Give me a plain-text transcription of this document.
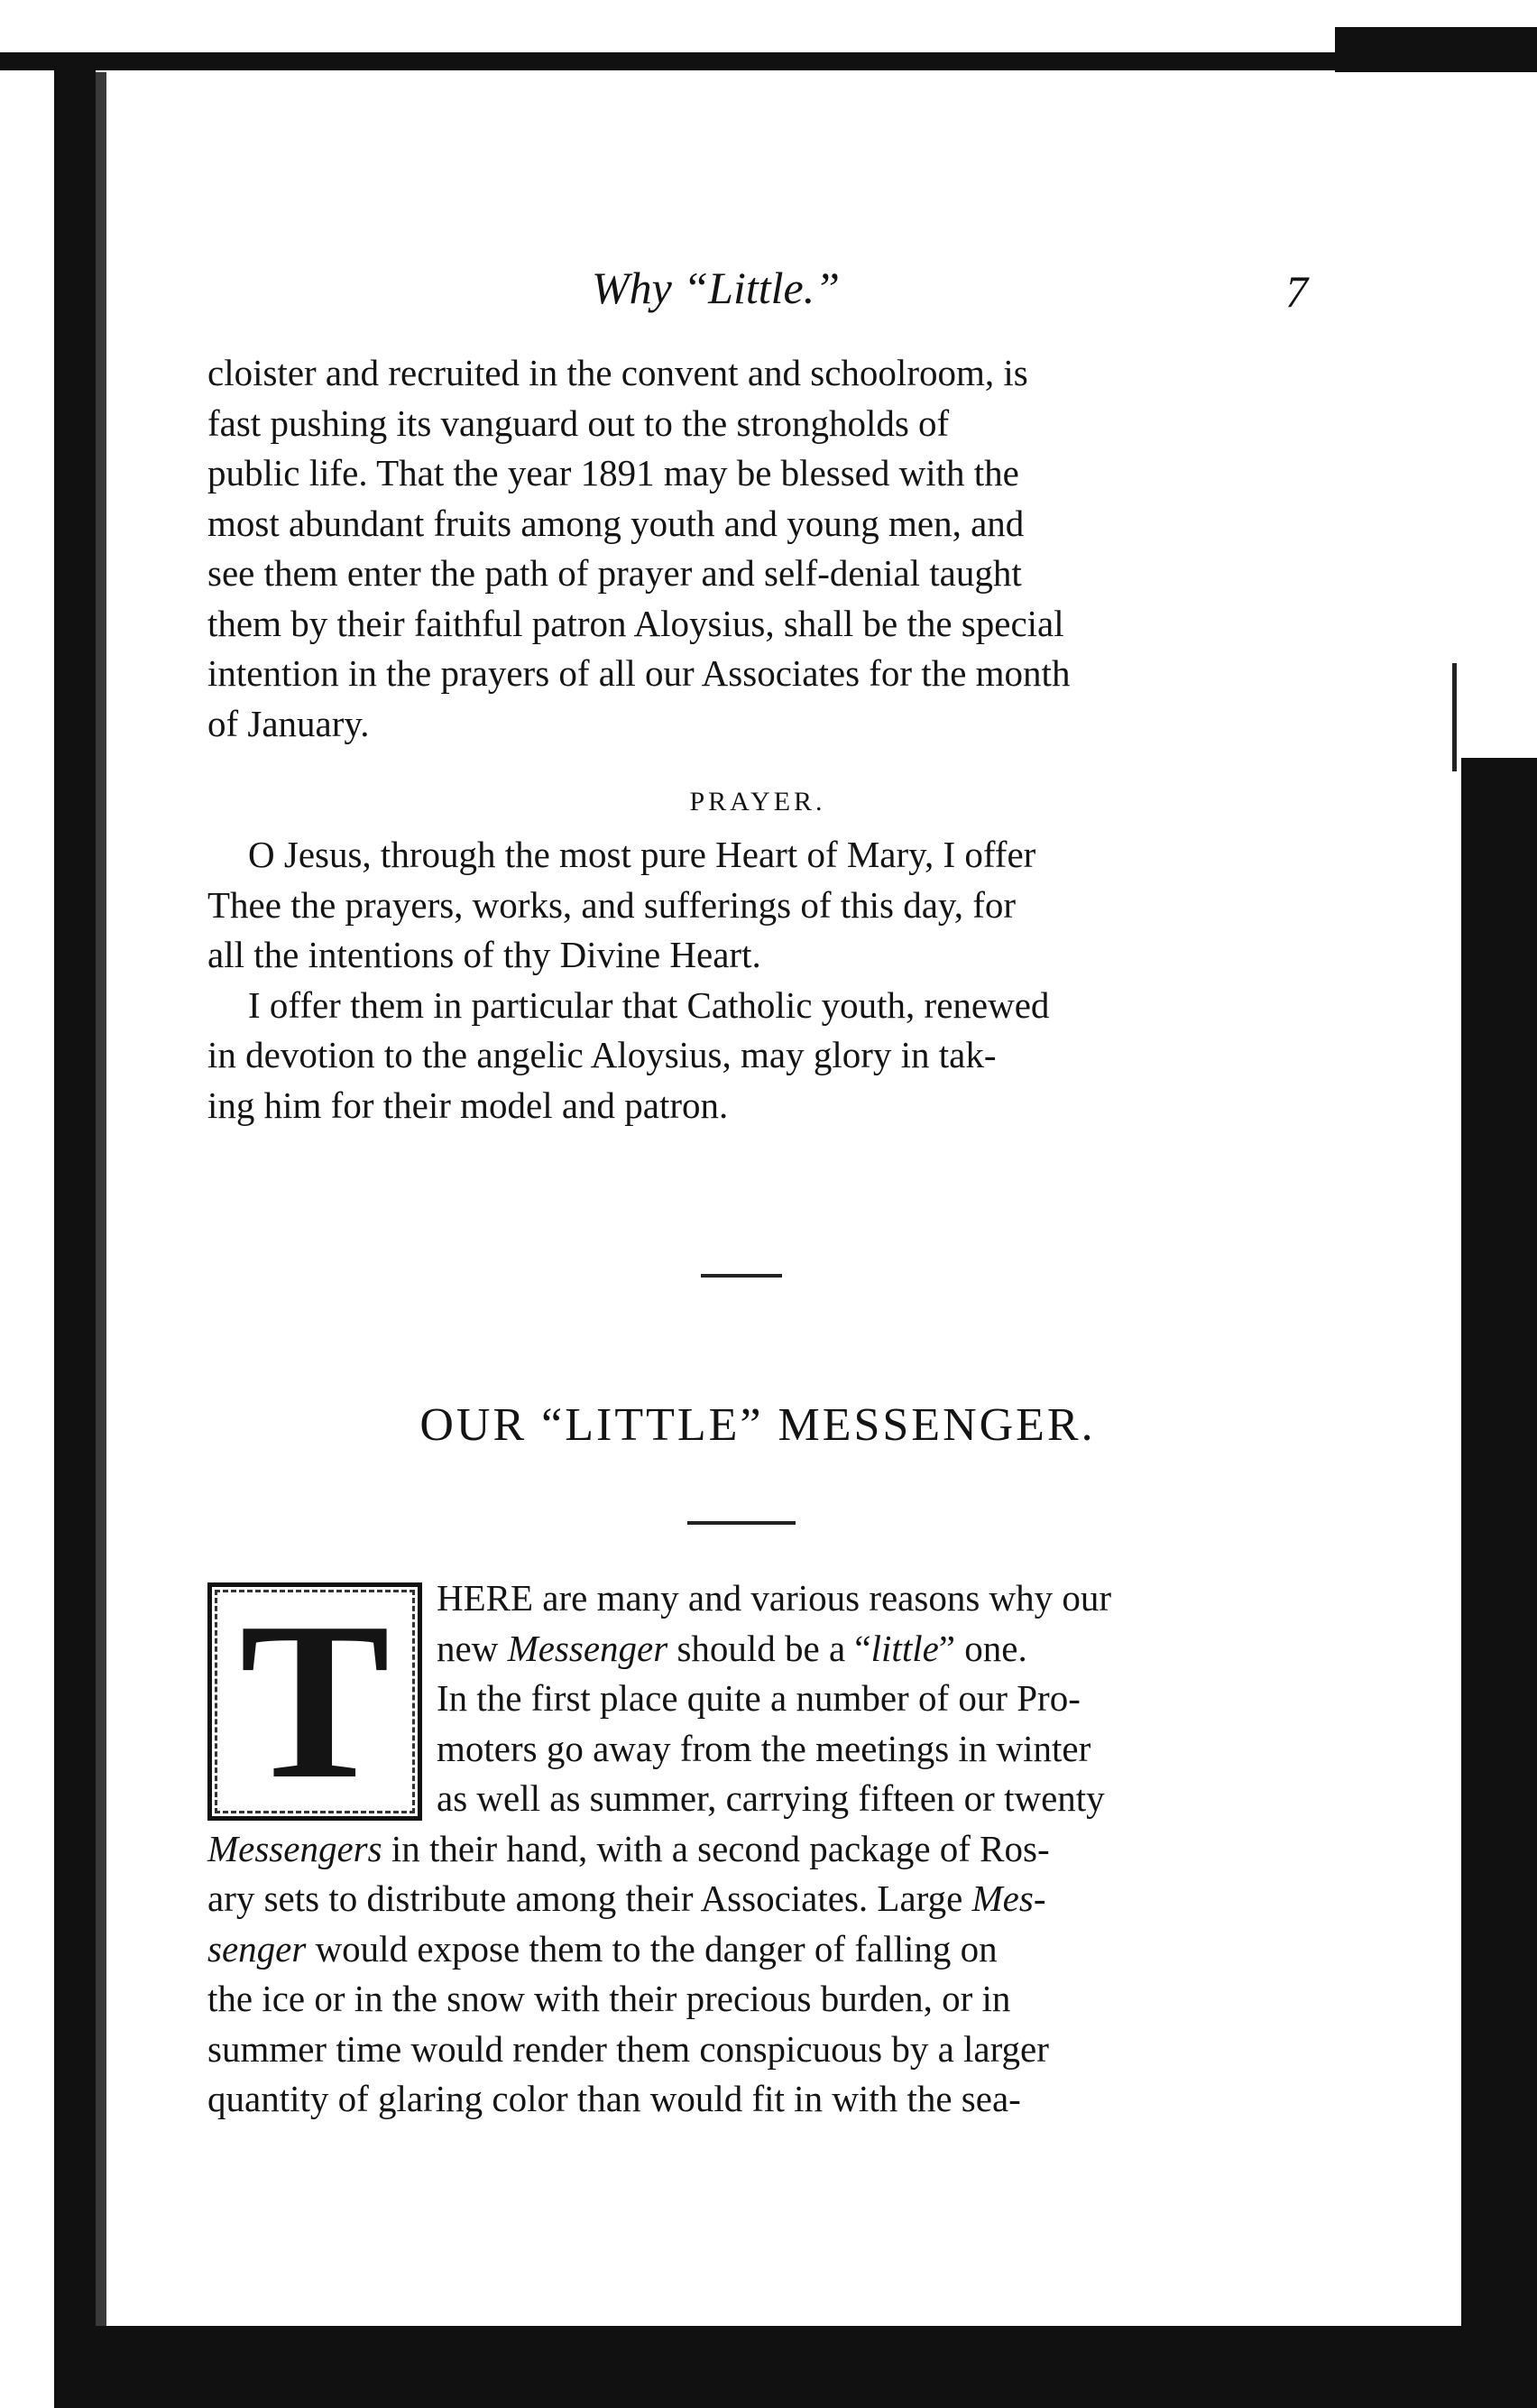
Why “Little.”	7

cloister and recruited in the convent and schoolroom, is

fast pushing its vanguard out to the strongholds of

public life. That the year 1891 may be blessed with the

most abundant fruits among youth and young men, and

see them enter the path of prayer and self-denial taught

them by their faithful patron Aloysius, shall be the special

intention in the prayers of all our Associates for the month

of January.

PRAYER.

O Jesus, through the most pure Heart of Mary, I offer

Thee the prayers, works, and sufferings of this day, for

all the intentions of thy Divine Heart.

I offer them in particular that Catholic youth, renewed

in devotion to the angelic Aloysius, may glory in tak-

ing him for their model and patron.

OUR “LITTLE” MESSENGER.
T	HERE are many and various reasons why our

new Messenger should be a “little” one.

In the first place quite a number of our Pro-

moters go away from the meetings in winter

as well as summer, carrying fifteen or twenty

Messengers in their hand, with a second package of Ros-

ary sets to distribute among their Associates. Large Mes-

senger would expose them to the danger of falling on

the ice or in the snow with their precious burden, or in

summer time would render them conspicuous by a larger

quantity of glaring color than would fit in with the sea-
